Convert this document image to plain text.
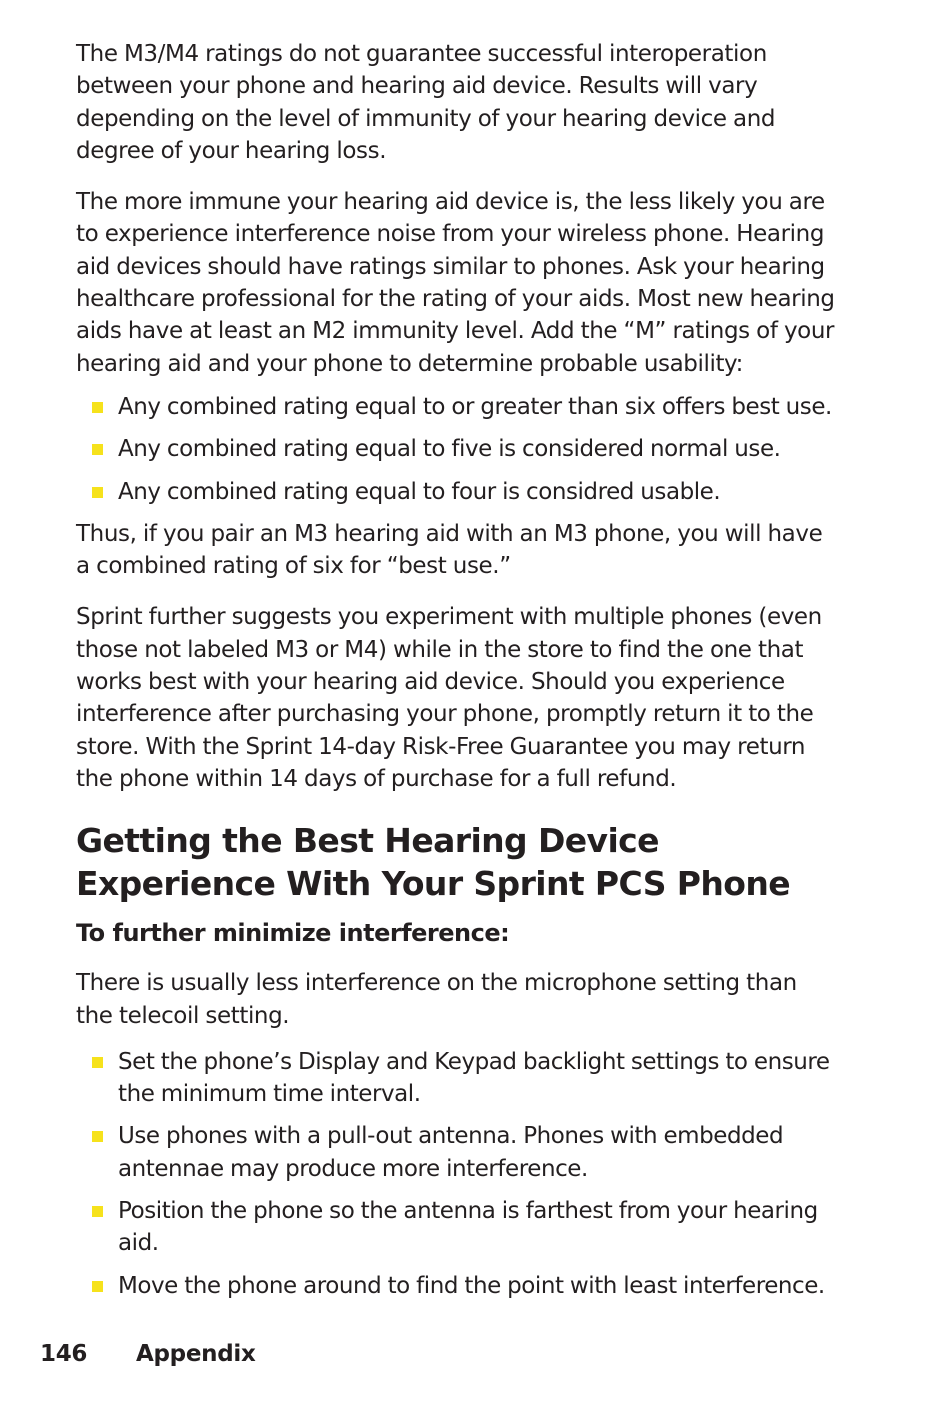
The M3/M4 ratings do not guarantee successful interoperation between your phone and hearing aid device. Results will vary depending on the level of immunity of your hearing device and degree of your hearing loss.

The more immune your hearing aid device is, the less likely you are to experience interference noise from your wireless phone. Hearing aid devices should have ratings similar to phones. Ask your hearing healthcare professional for the rating of your aids. Most new hearing aids have at least an M2 immunity level. Add the “M” ratings of your hearing aid and your phone to determine probable usability:

Any combined rating equal to or greater than six offers best use.
Any combined rating equal to five is considered normal use.
Any combined rating equal to four is considred usable.

Thus, if you pair an M3 hearing aid with an M3 phone, you will have a combined rating of six for “best use.”

Sprint further suggests you experiment with multiple phones (even those not labeled M3 or M4) while in the store to find the one that works best with your hearing aid device. Should you experience interference after purchasing your phone, promptly return it to the store. With the Sprint 14-day Risk-Free Guarantee you may return the phone within 14 days of purchase for a full refund.

Getting the Best Hearing Device Experience With Your Sprint PCS Phone
To further minimize interference:

There is usually less interference on the microphone setting than the telecoil setting.

Set the phone’s Display and Keypad backlight settings to ensure the minimum time interval.
Use phones with a pull-out antenna. Phones with embedded antennae may produce more interference.
Position the phone so the antenna is farthest from your hearing aid.
Move the phone around to find the point with least interference.
146 Appendix
